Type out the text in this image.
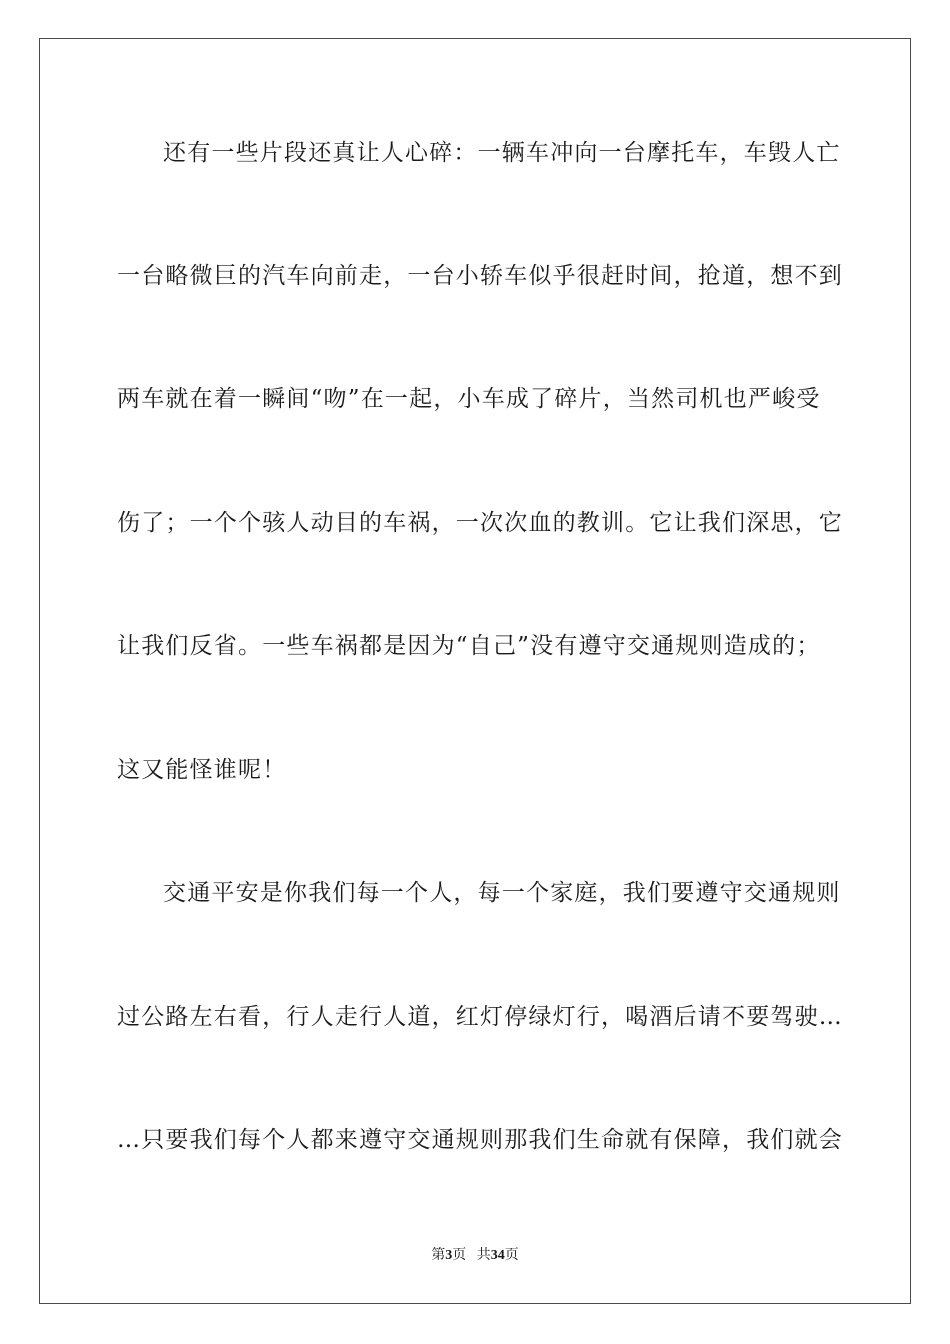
还有一些片段还真让人心碎：一辆车冲向一台摩托车，车毁人亡
一台略微巨的汽车向前走，一台小轿车似乎很赶时间，抢道，想不到
两车就在着一瞬间“吻”在一起，小车成了碎片，当然司机也严峻受
伤了；一个个骇人动目的车祸，一次次血的教训。它让我们深思，它
让我们反省。一些车祸都是因为“自己”没有遵守交通规则造成的；
这又能怪谁呢！
交通平安是你我们每一个人，每一个家庭，我们要遵守交通规则
过公路左右看，行人走行人道，红灯停绿灯行，喝酒后请不要驾驶…
…只要我们每个人都来遵守交通规则那我们生命就有保障，我们就会
第3页 共34页
